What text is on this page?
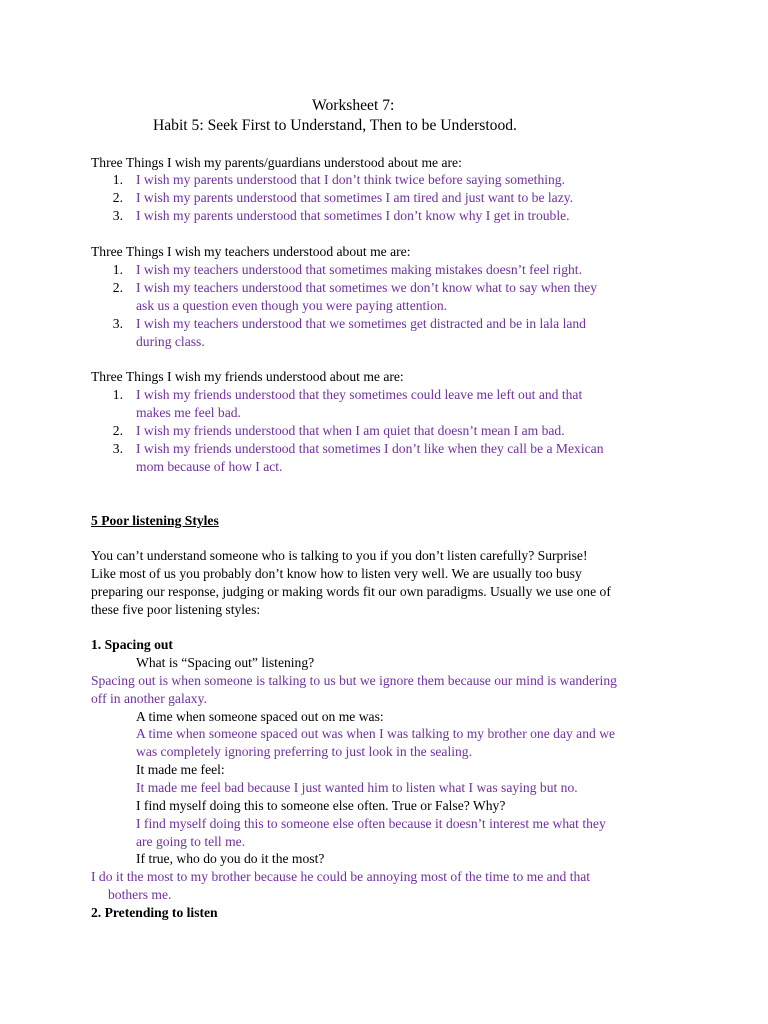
Worksheet 7:
Habit 5: Seek First to Understand, Then to be Understood.
Three Things I wish my parents/guardians understood about me are:
1. I wish my parents understood that I don’t think twice before saying something.
2. I wish my parents understood that sometimes I am tired and just want to be lazy.
3. I wish my parents understood that sometimes I don’t know why I get in trouble.
Three Things I wish my teachers understood about me are:
1. I wish my teachers understood that sometimes making mistakes doesn’t feel right.
2. I wish my teachers understood that sometimes we don’t know what to say when they
ask us a question even though you were paying attention.
3. I wish my teachers understood that we sometimes get distracted and be in lala land
during class.
Three Things I wish my friends understood about me are:
1. I wish my friends understood that they sometimes could leave me left out and that
makes me feel bad.
2. I wish my friends understood that when I am quiet that doesn’t mean I am bad.
3. I wish my friends understood that sometimes I don’t like when they call be a Mexican
mom because of how I act.
5 Poor listening Styles
You can’t understand someone who is talking to you if you don’t listen carefully? Surprise!
Like most of us you probably don’t know how to listen very well. We are usually too busy
preparing our response, judging or making words fit our own paradigms. Usually we use one of
these five poor listening styles:
1. Spacing out
What is “Spacing out” listening?
Spacing out is when someone is talking to us but we ignore them because our mind is wandering
off in another galaxy.
A time when someone spaced out on me was:
A time when someone spaced out was when I was talking to my brother one day and we
was completely ignoring preferring to just look in the sealing.
It made me feel:
It made me feel bad because I just wanted him to listen what I was saying but no.
I find myself doing this to someone else often. True or False? Why?
I find myself doing this to someone else often because it doesn’t interest me what they
are going to tell me.
If true, who do you do it the most?
I do it the most to my brother because he could be annoying most of the time to me and that
bothers me.
2. Pretending to listen
